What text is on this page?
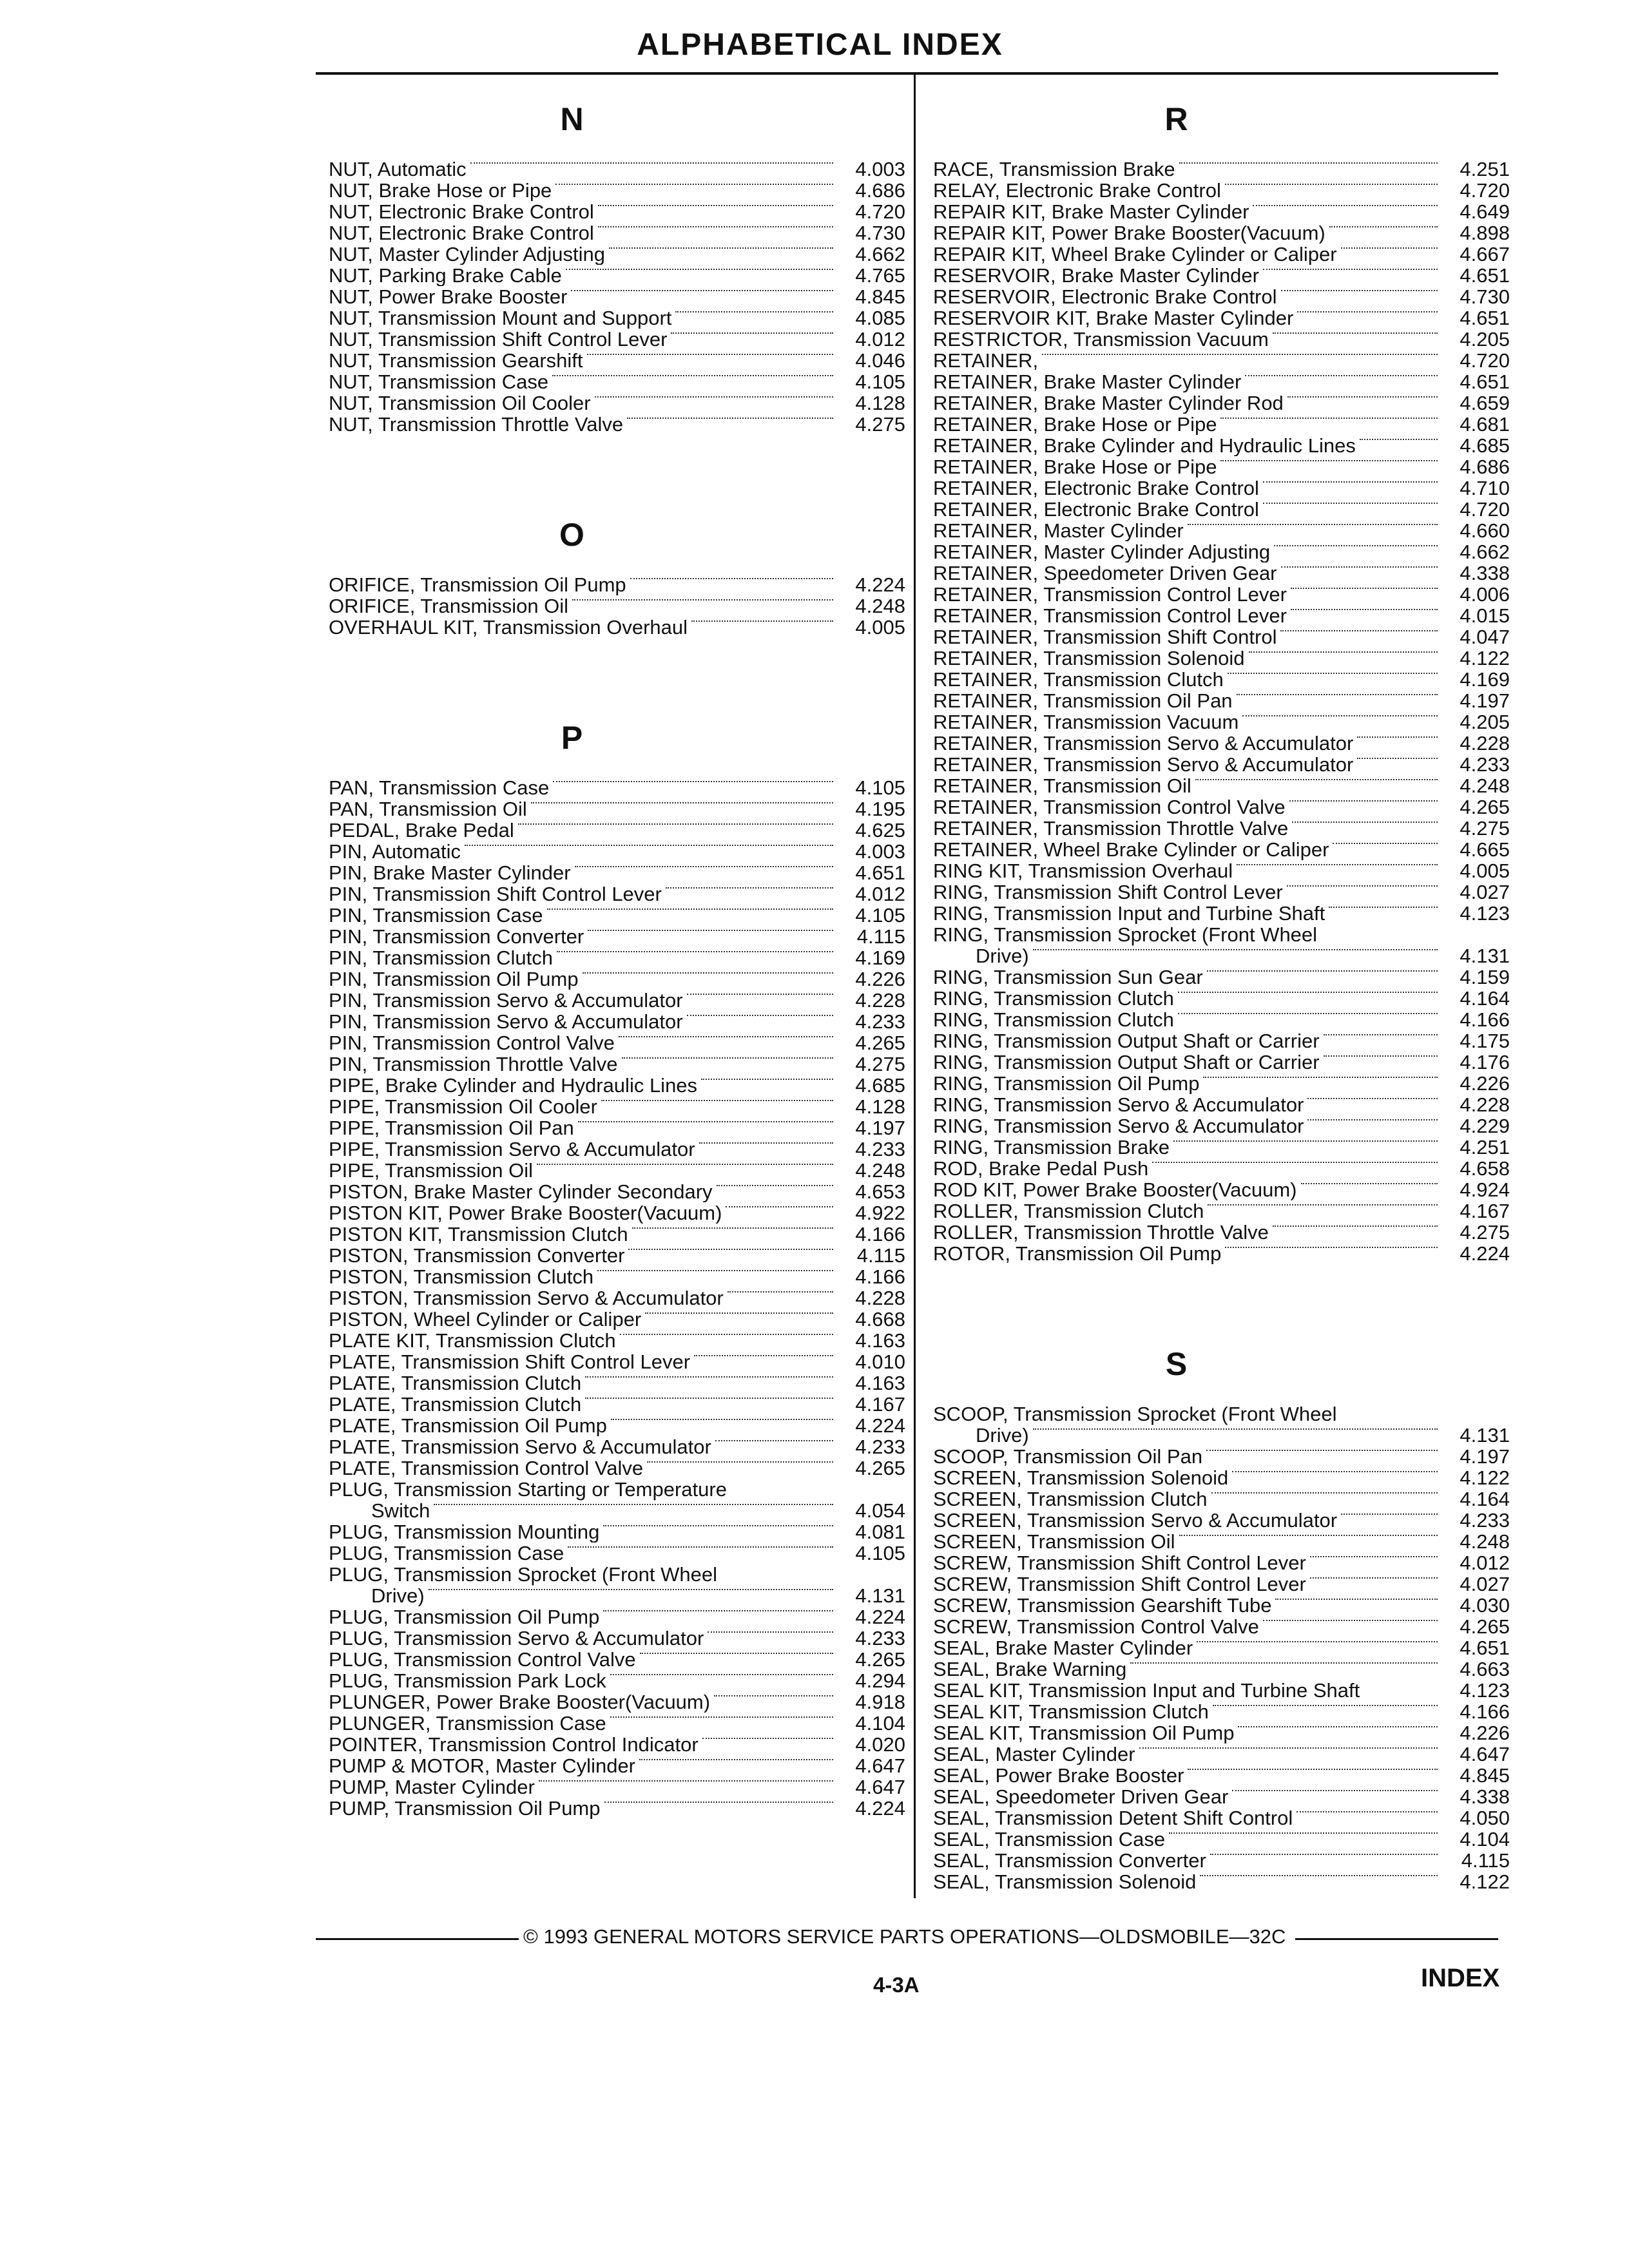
ALPHABETICAL INDEX
N
NUT, Automatic	4.003
NUT, Brake Hose or Pipe	4.686
NUT, Electronic Brake Control	4.720
NUT, Electronic Brake Control	4.730
NUT, Master Cylinder Adjusting	4.662
NUT, Parking Brake Cable	4.765
NUT, Power Brake Booster	4.845
NUT, Transmission Mount and Support	4.085
NUT, Transmission Shift Control Lever	4.012
NUT, Transmission Gearshift	4.046
NUT, Transmission Case	4.105
NUT, Transmission Oil Cooler	4.128
NUT, Transmission Throttle Valve	4.275
O
ORIFICE, Transmission Oil Pump	4.224
ORIFICE, Transmission Oil	4.248
OVERHAUL KIT, Transmission Overhaul	4.005
P
PAN, Transmission Case	4.105
PAN, Transmission Oil	4.195
PEDAL, Brake Pedal	4.625
PIN, Automatic	4.003
PIN, Brake Master Cylinder	4.651
PIN, Transmission Shift Control Lever	4.012
PIN, Transmission Case	4.105
PIN, Transmission Converter	4.115
PIN, Transmission Clutch	4.169
PIN, Transmission Oil Pump	4.226
PIN, Transmission Servo & Accumulator	4.228
PIN, Transmission Servo & Accumulator	4.233
PIN, Transmission Control Valve	4.265
PIN, Transmission Throttle Valve	4.275
PIPE, Brake Cylinder and Hydraulic Lines	4.685
PIPE, Transmission Oil Cooler	4.128
PIPE, Transmission Oil Pan	4.197
PIPE, Transmission Servo & Accumulator	4.233
PIPE, Transmission Oil	4.248
PISTON, Brake Master Cylinder Secondary	4.653
PISTON KIT, Power Brake Booster(Vacuum)	4.922
PISTON KIT, Transmission Clutch	4.166
PISTON, Transmission Converter	4.115
PISTON, Transmission Clutch	4.166
PISTON, Transmission Servo & Accumulator	4.228
PISTON, Wheel Cylinder or Caliper	4.668
PLATE KIT, Transmission Clutch	4.163
PLATE, Transmission Shift Control Lever	4.010
PLATE, Transmission Clutch	4.163
PLATE, Transmission Clutch	4.167
PLATE, Transmission Oil Pump	4.224
PLATE, Transmission Servo & Accumulator	4.233
PLATE, Transmission Control Valve	4.265
PLUG, Transmission Starting or Temperature
Switch	4.054
PLUG, Transmission Mounting	4.081
PLUG, Transmission Case	4.105
PLUG, Transmission Sprocket (Front Wheel
Drive)	4.131
PLUG, Transmission Oil Pump	4.224
PLUG, Transmission Servo & Accumulator	4.233
PLUG, Transmission Control Valve	4.265
PLUG, Transmission Park Lock	4.294
PLUNGER, Power Brake Booster(Vacuum)	4.918
PLUNGER, Transmission Case	4.104
POINTER, Transmission Control Indicator	4.020
PUMP & MOTOR, Master Cylinder	4.647
PUMP, Master Cylinder	4.647
PUMP, Transmission Oil Pump	4.224
R
RACE, Transmission Brake	4.251
RELAY, Electronic Brake Control	4.720
REPAIR KIT, Brake Master Cylinder	4.649
REPAIR KIT, Power Brake Booster(Vacuum)	4.898
REPAIR KIT, Wheel Brake Cylinder or Caliper	4.667
RESERVOIR, Brake Master Cylinder	4.651
RESERVOIR, Electronic Brake Control	4.730
RESERVOIR KIT, Brake Master Cylinder	4.651
RESTRICTOR, Transmission Vacuum	4.205
RETAINER,	4.720
RETAINER, Brake Master Cylinder	4.651
RETAINER, Brake Master Cylinder Rod	4.659
RETAINER, Brake Hose or Pipe	4.681
RETAINER, Brake Cylinder and Hydraulic Lines	4.685
RETAINER, Brake Hose or Pipe	4.686
RETAINER, Electronic Brake Control	4.710
RETAINER, Electronic Brake Control	4.720
RETAINER, Master Cylinder	4.660
RETAINER, Master Cylinder Adjusting	4.662
RETAINER, Speedometer Driven Gear	4.338
RETAINER, Transmission Control Lever	4.006
RETAINER, Transmission Control Lever	4.015
RETAINER, Transmission Shift Control	4.047
RETAINER, Transmission Solenoid	4.122
RETAINER, Transmission Clutch	4.169
RETAINER, Transmission Oil Pan	4.197
RETAINER, Transmission Vacuum	4.205
RETAINER, Transmission Servo & Accumulator	4.228
RETAINER, Transmission Servo & Accumulator	4.233
RETAINER, Transmission Oil	4.248
RETAINER, Transmission Control Valve	4.265
RETAINER, Transmission Throttle Valve	4.275
RETAINER, Wheel Brake Cylinder or Caliper	4.665
RING KIT, Transmission Overhaul	4.005
RING, Transmission Shift Control Lever	4.027
RING, Transmission Input and Turbine Shaft	4.123
RING, Transmission Sprocket (Front Wheel
Drive)	4.131
RING, Transmission Sun Gear	4.159
RING, Transmission Clutch	4.164
RING, Transmission Clutch	4.166
RING, Transmission Output Shaft or Carrier	4.175
RING, Transmission Output Shaft or Carrier	4.176
RING, Transmission Oil Pump	4.226
RING, Transmission Servo & Accumulator	4.228
RING, Transmission Servo & Accumulator	4.229
RING, Transmission Brake	4.251
ROD, Brake Pedal Push	4.658
ROD KIT, Power Brake Booster(Vacuum)	4.924
ROLLER, Transmission Clutch	4.167
ROLLER, Transmission Throttle Valve	4.275
ROTOR, Transmission Oil Pump	4.224
S
SCOOP, Transmission Sprocket (Front Wheel
Drive)	4.131
SCOOP, Transmission Oil Pan	4.197
SCREEN, Transmission Solenoid	4.122
SCREEN, Transmission Clutch	4.164
SCREEN, Transmission Servo & Accumulator	4.233
SCREEN, Transmission Oil	4.248
SCREW, Transmission Shift Control Lever	4.012
SCREW, Transmission Shift Control Lever	4.027
SCREW, Transmission Gearshift Tube	4.030
SCREW, Transmission Control Valve	4.265
SEAL, Brake Master Cylinder	4.651
SEAL, Brake Warning	4.663
SEAL KIT, Transmission Input and Turbine Shaft	4.123
SEAL KIT, Transmission Clutch	4.166
SEAL KIT, Transmission Oil Pump	4.226
SEAL, Master Cylinder	4.647
SEAL, Power Brake Booster	4.845
SEAL, Speedometer Driven Gear	4.338
SEAL, Transmission Detent Shift Control	4.050
SEAL, Transmission Case	4.104
SEAL, Transmission Converter	4.115
SEAL, Transmission Solenoid	4.122
© 1993 GENERAL MOTORS SERVICE PARTS OPERATIONS—OLDSMOBILE—32C
4-3A	INDEX
